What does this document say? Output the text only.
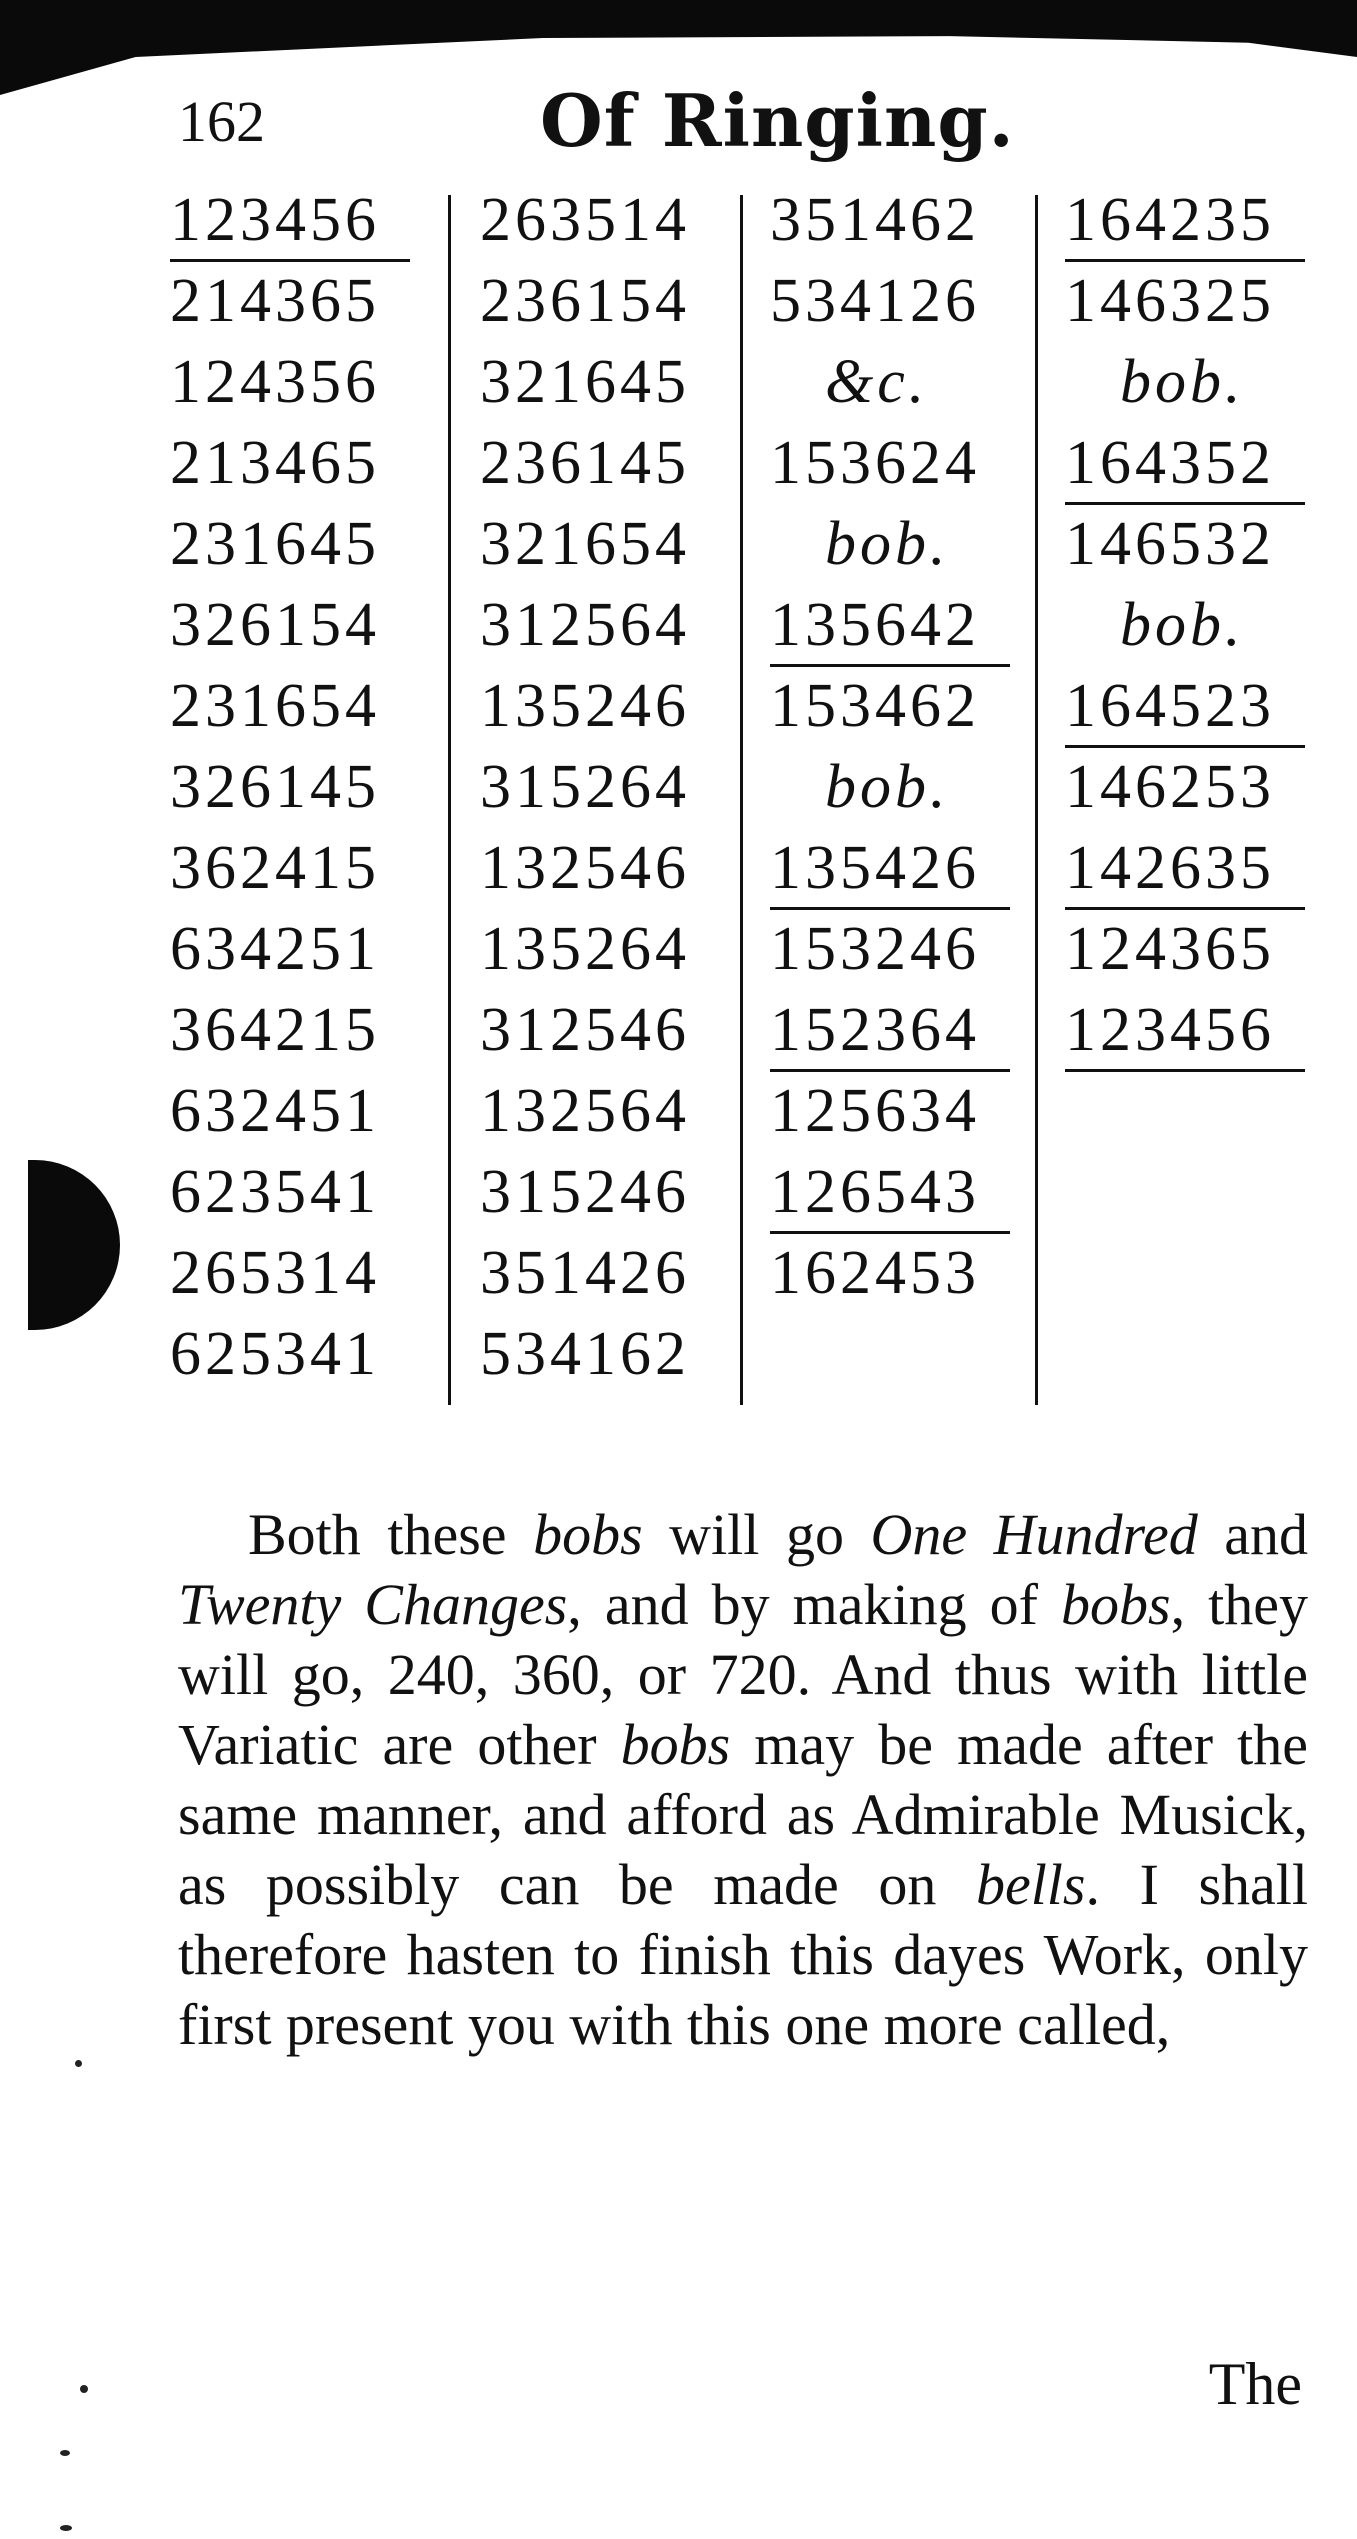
162	Of Ringing.
123456
214365
124356
213465
231645
326154
231654
326145
362415
634251
364215
632451
623541
265314
625341
263514
236154
321645
236145
321654
312564
135246
315264
132546
135264
312546
132564
315246
351426
534162
351462
534126
&c.
153624
bob.
135642
153462
bob.
135426
153246
152364
125634
126543
162453
164235
146325
bob.
164352
146532
bob.
164523
146253
142635
124365
123456

Both these bobs will go One Hundred and Twenty Changes, and by making of bobs, they will go, 240, 360, or 720. And thus with little Variatic are other bobs may be made after the same manner, and afford as Admirable Musick, as possibly can be made on bells. I shall therefore hasten to finish this dayes Work, only first present you with this one more called,

The
